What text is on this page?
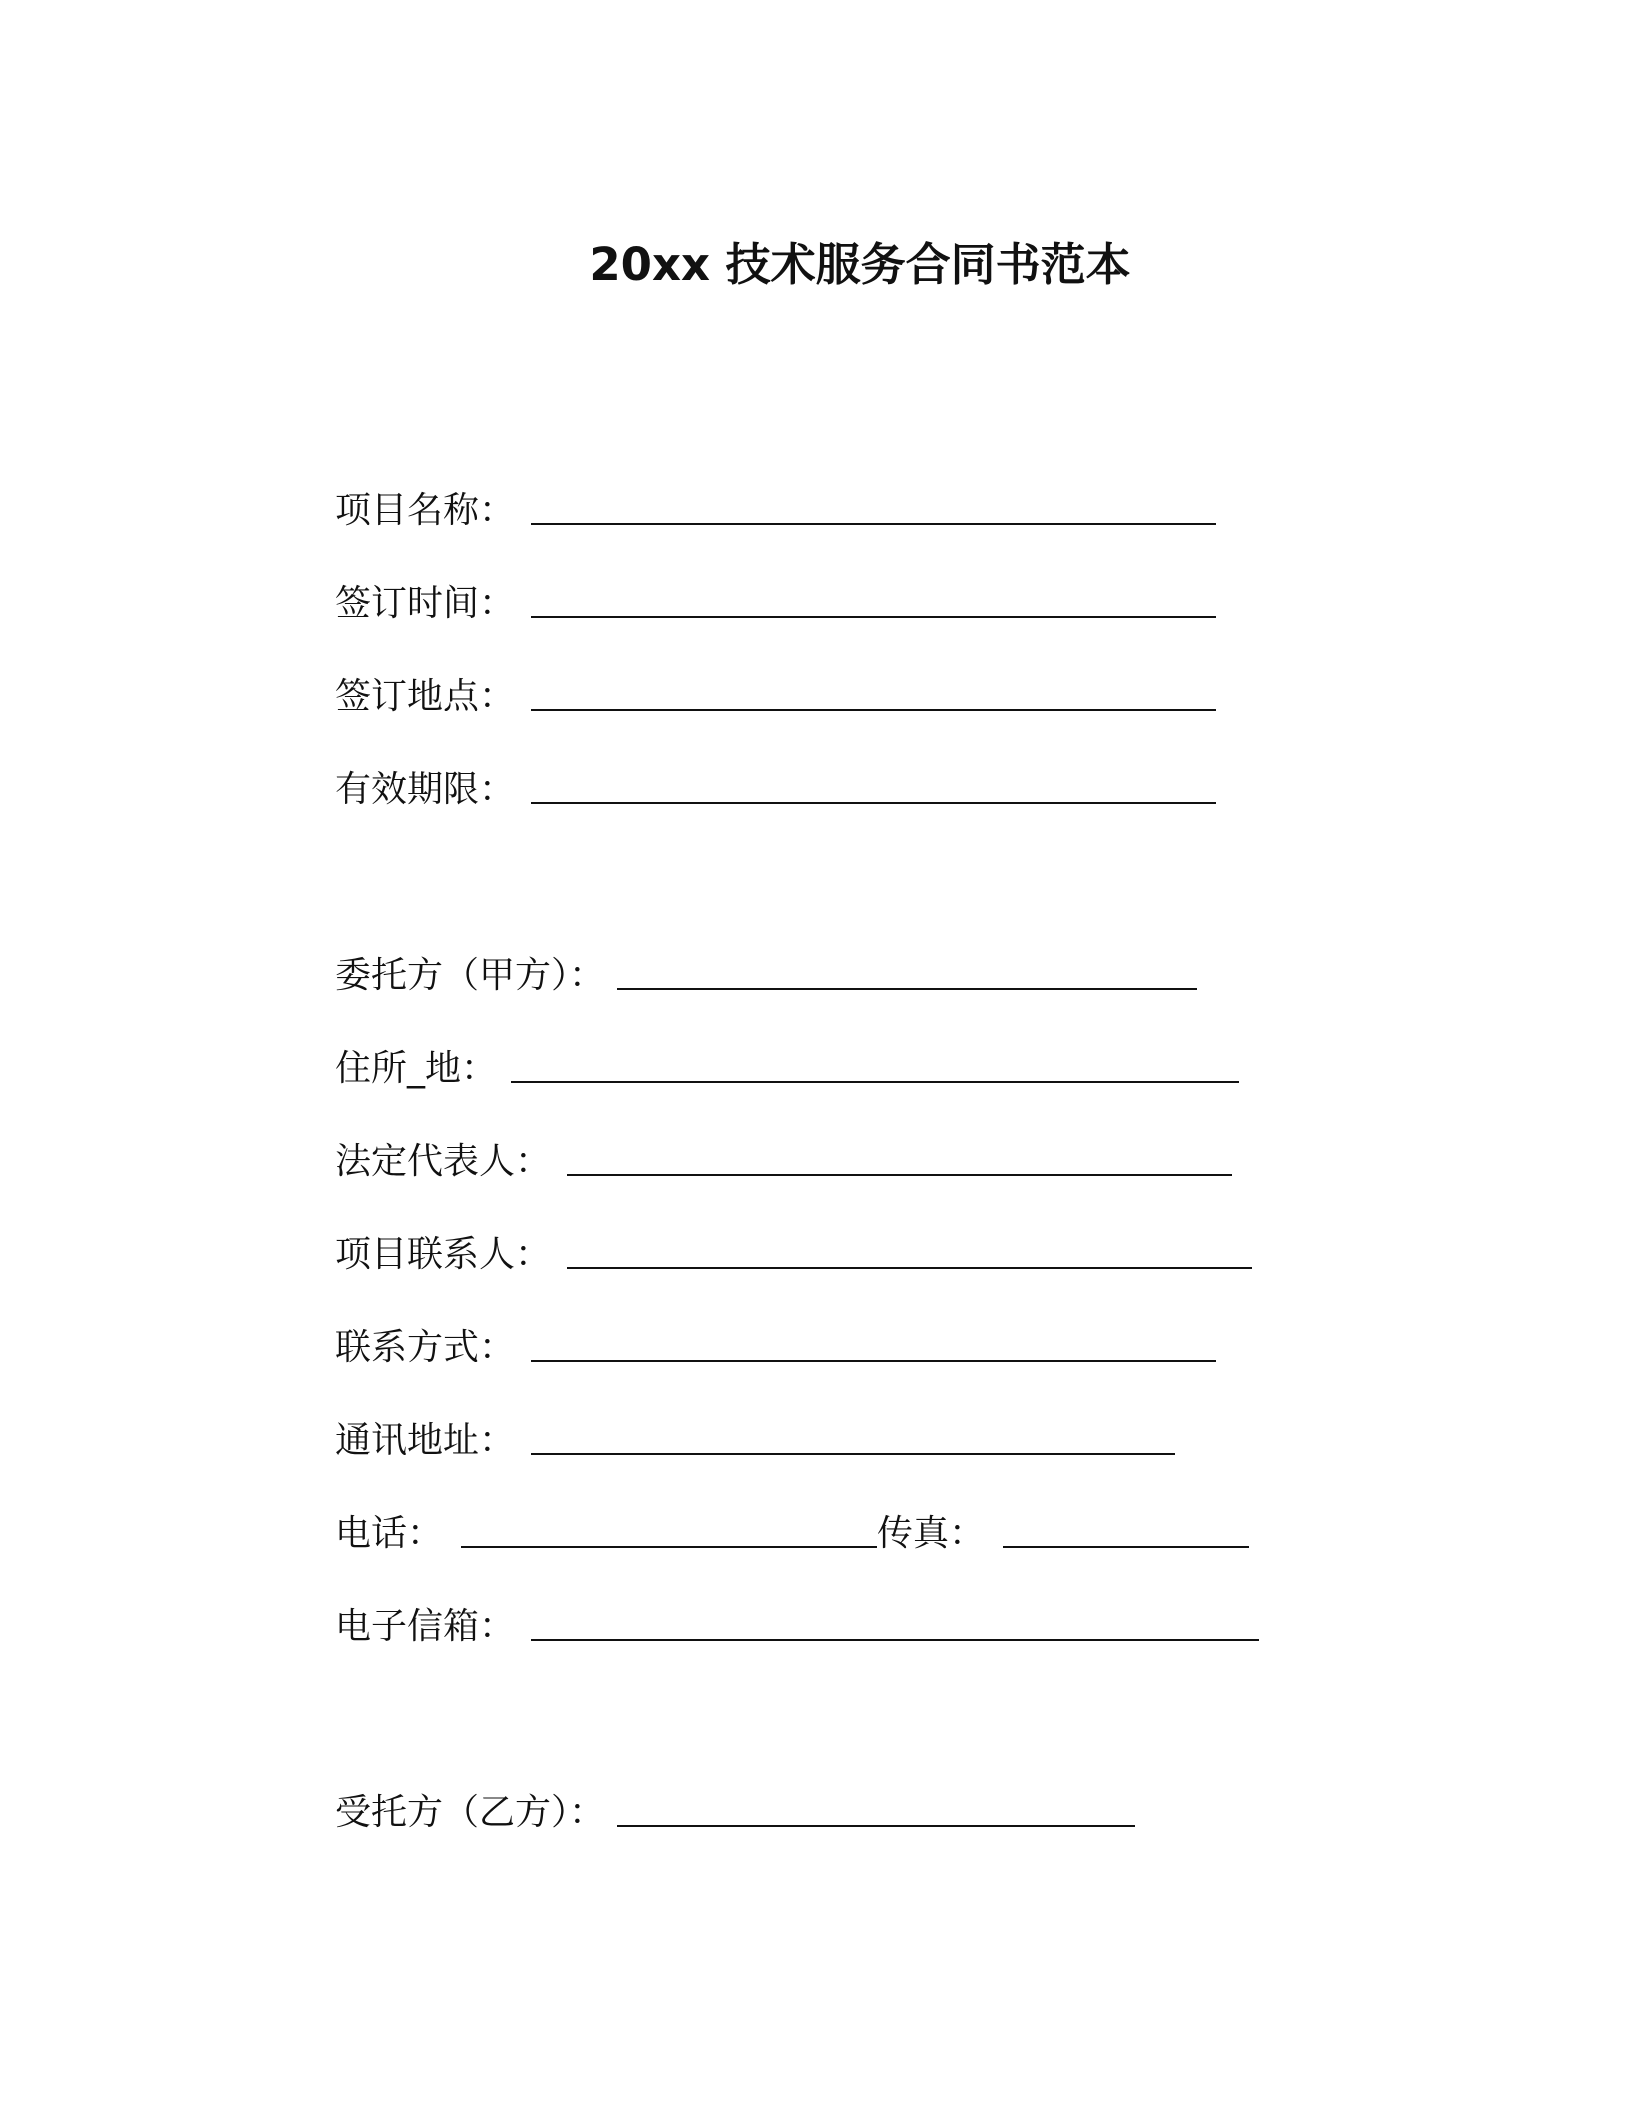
20xx 技术服务合同书范本
项目名称：
签订时间：
签订地点：
有效期限：
委托方（甲方）：
住所_地：
法定代表人：
项目联系人：
联系方式：
通讯地址：
电话：	传真：
电子信箱：
受托方（乙方）：
